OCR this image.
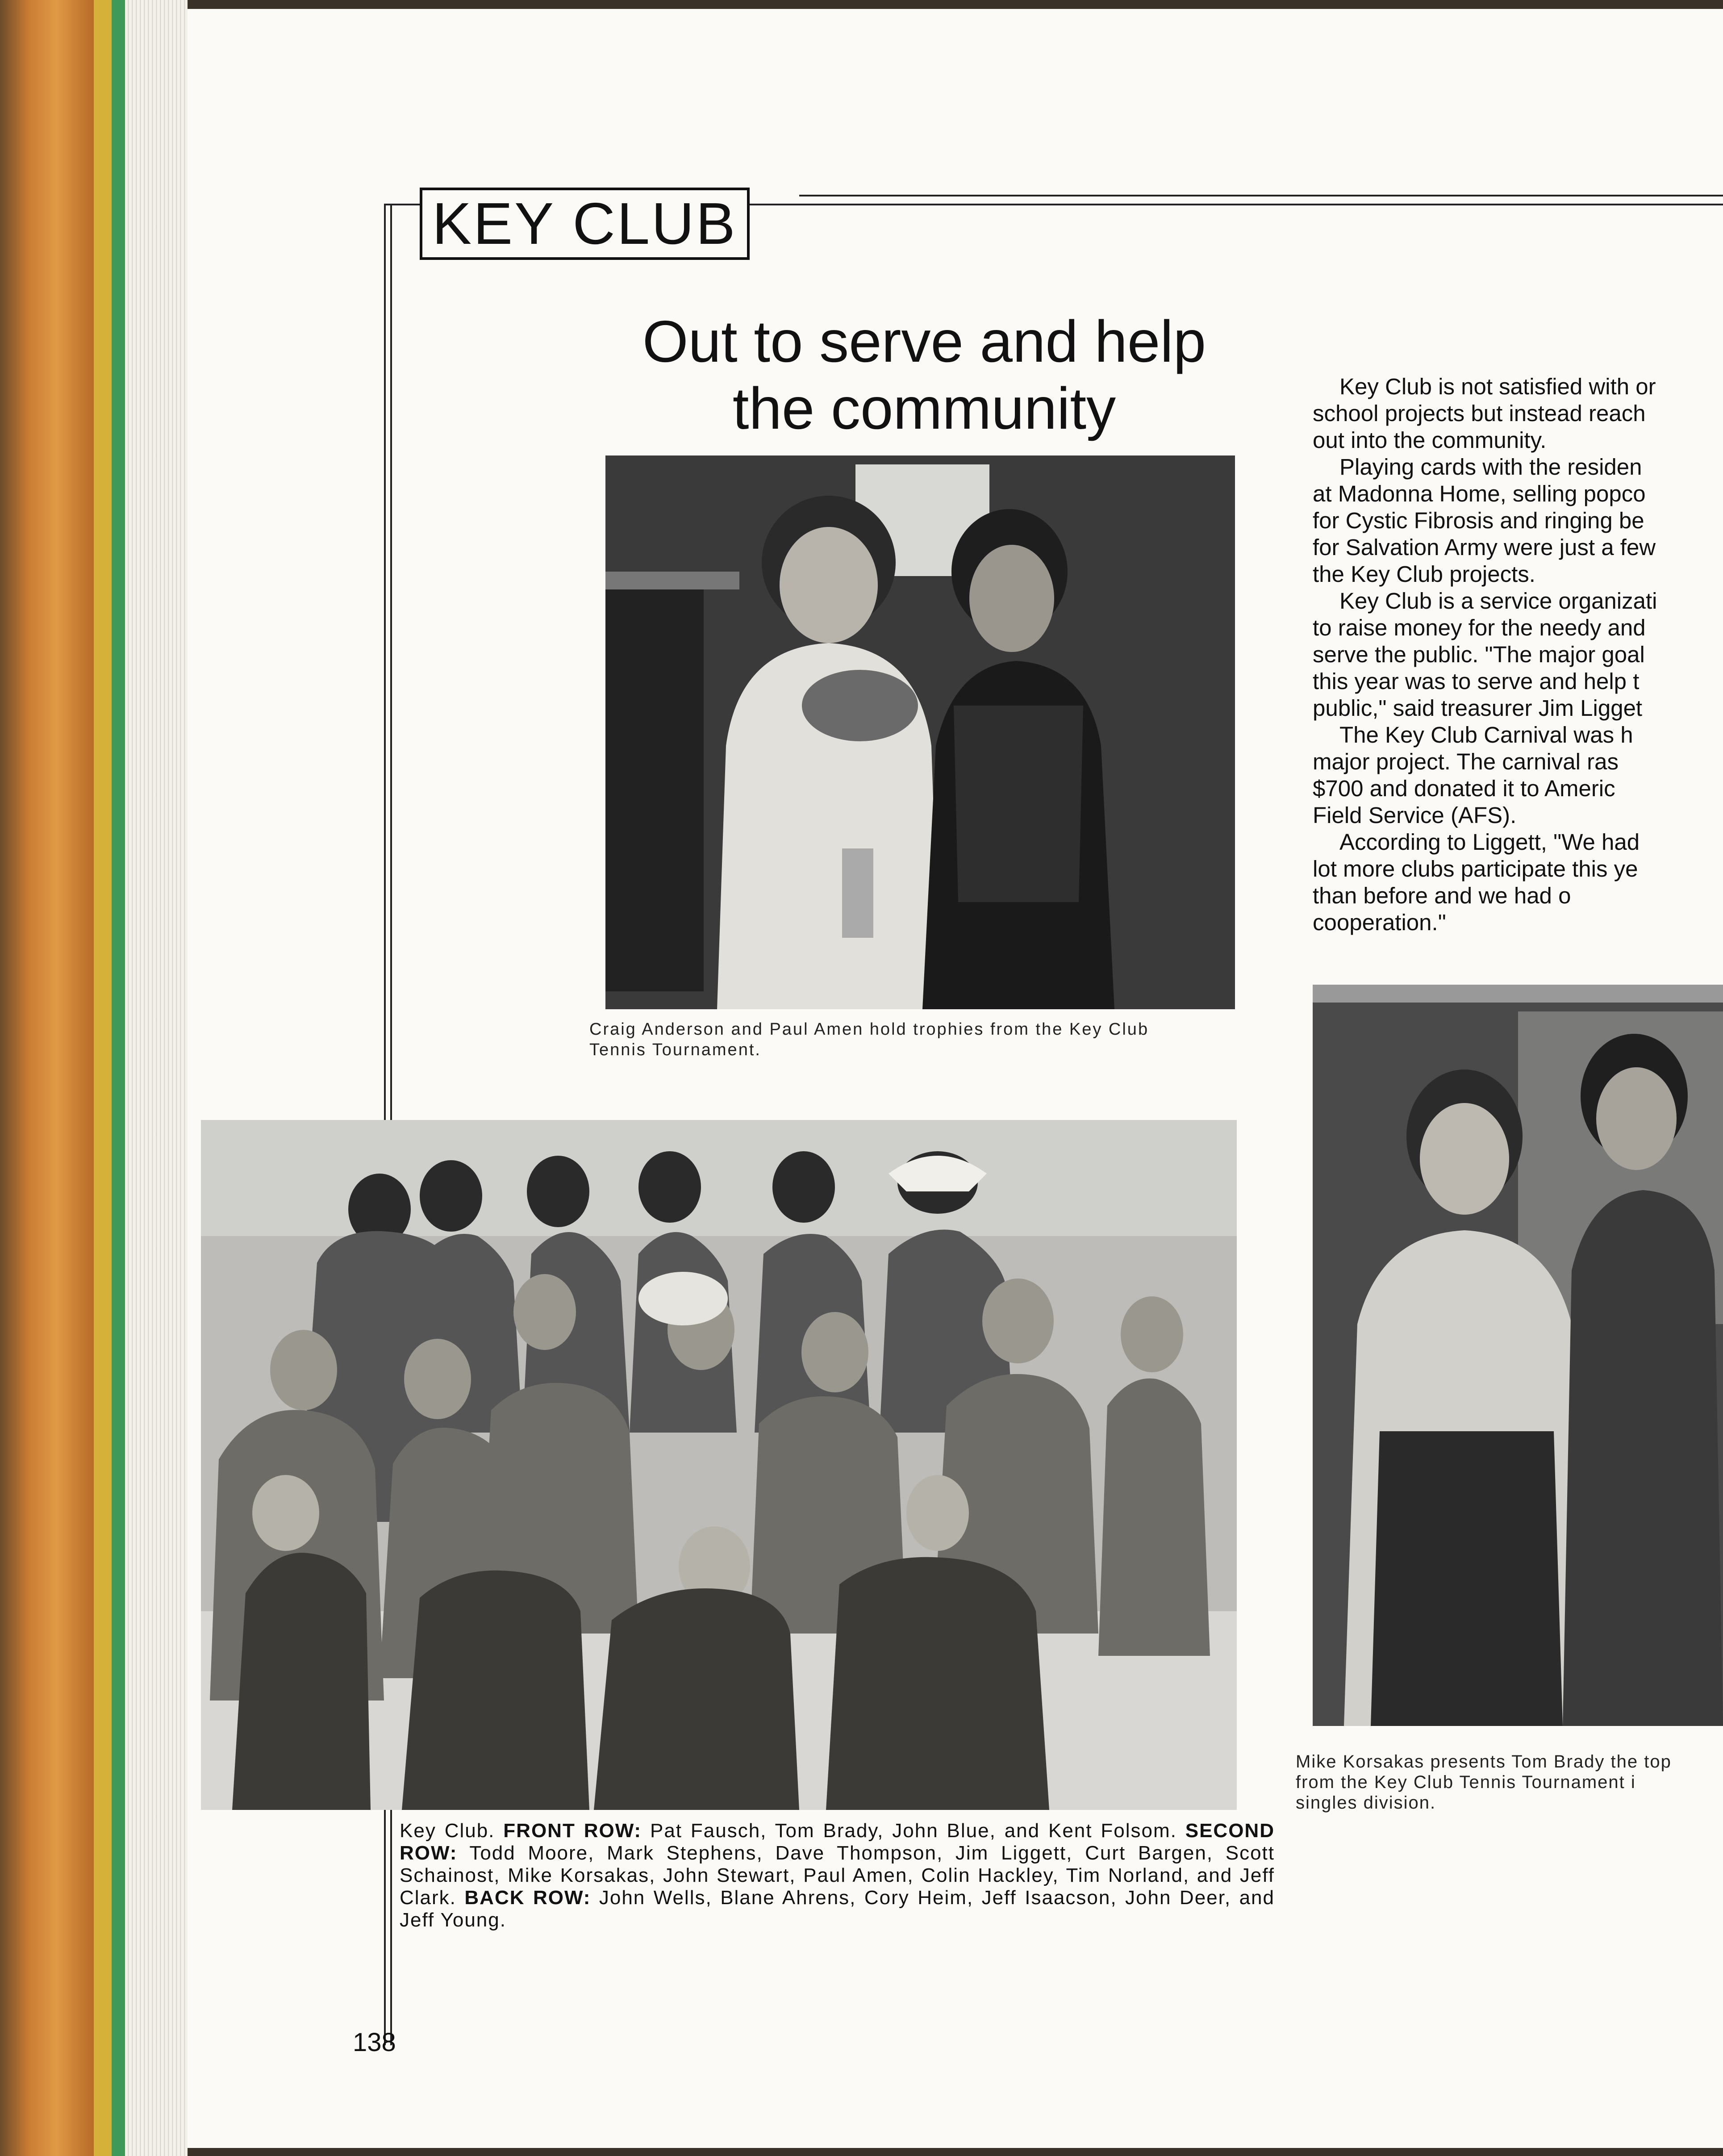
KEY CLUB
Out to serve and help
the community	Key Club is not satisfied with or

school projects but instead reach

out into the community.

Playing cards with the residen

at Madonna Home, selling popco

for Cystic Fibrosis and ringing be

for Salvation Army were just a few

the Key Club projects.

Key Club is a service organizati

to raise money for the needy and

serve the public. "The major goal

this year was to serve and help t

public," said treasurer Jim Ligget

The Key Club Carnival was h

major project. The carnival ras

$700 and donated it to Americ

Field Service (AFS).

According to Liggett, "We had

lot more clubs participate this ye

than before and we had o

cooperation."

Craig Anderson and Paul Amen hold trophies from the Key Club
Tennis Tournament.
Mike Korsakas presents Tom Brady the top
from the Key Club Tennis Tournament i
singles division.
Key Club. FRONT ROW: Pat Fausch, Tom Brady, John Blue, and Kent Folsom. SECOND ROW: Todd Moore, Mark Stephens, Dave Thompson, Jim Liggett, Curt Bargen, Scott Schainost, Mike Korsakas, John Stewart, Paul Amen, Colin Hackley, Tim Norland, and Jeff Clark. BACK ROW: John Wells, Blane Ahrens, Cory Heim, Jeff Isaacson, John Deer, and Jeff Young.
138
